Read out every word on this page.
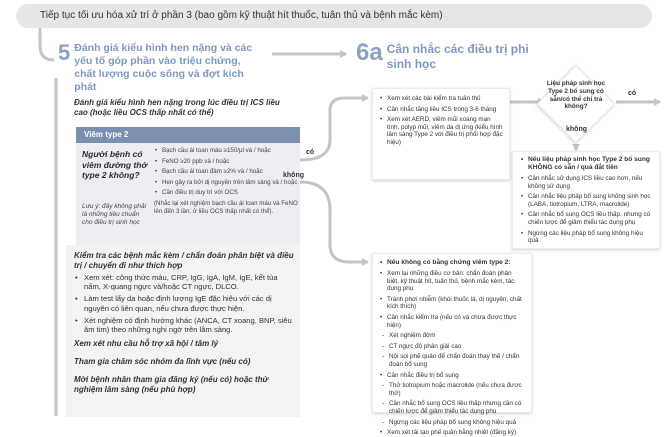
Tiếp tục tối ưu hóa xử trí ở phần 3 (bao gồm kỹ thuật hít thuốc, tuân thủ và bệnh mắc kèm)
5 Đánh giá kiểu hình hen nặng và các yếu tố góp phần vào triệu chứng, chất lượng cuộc sống và đợt kịch phát
Đánh giá kiểu hình hen nặng trong lúc điều trị ICS liều cao (hoặc liều OCS thấp nhất có thể)
Viêm type 2
Người bệnh có viêm đường thở type 2 không?
Lưu ý: đây không phải là những tiêu chuẩn cho điều trị sinh học
• Bạch cầu ái toan máu ≥150/μl và / hoặc
• FeNO ≥20 ppb và / hoặc
• Bạch cầu ái toan đàm ≥2% và / hoặc
• Hen gây ra bởi dị nguyên trên lâm sàng và / hoặc
• Cần điều trị duy trì với OCS
(Nhắc lại xét nghiệm bạch cầu ái toan máu và FeNO lên đến 3 lần, ở liều OCS thấp nhất có thể).
có
không
Kiểm tra các bệnh mắc kèm / chẩn đoán phân biệt và điều trị / chuyển đi như thích hợp
• Xem xét: công thức máu, CRP, IgG, IgA, IgM, IgE, kết tủa nấm, X-quang ngực và/hoặc CT ngực, DLCO.
• Làm test lẩy da hoặc định lượng IgE đặc hiệu với các dị nguyên có liên quan, nếu chưa được thực hiện.
• Xét nghiệm có định hướng khác (ANCA, CT xoang, BNP, siêu âm tim) theo những nghi ngờ trên lâm sàng.
Xem xét nhu cầu hỗ trợ xã hội / tâm lý
Tham gia chăm sóc nhóm đa lĩnh vực (nếu có)
Mời bệnh nhân tham gia đăng ký (nếu có) hoặc thử nghiệm lâm sàng (nếu phù hợp)
6a Cân nhắc các điều trị phi sinh học
• Xem xét các bài kiểm tra tuân thủ
• Cân nhắc tăng liều ICS trong 3-6 tháng
• Xem xét AERD, viêm mũi xoang mạn tính, polyp mũi, viêm da dị ứng (kiểu hình lâm sàng Type 2 với điều trị phối hợp đặc hiệu)
Liệu pháp sinh học Type 2 bổ sung có sẵn/có thể chi trả không?
có
không
• Nếu liệu pháp sinh học Type 2 bổ sung KHÔNG có sẵn / quá đắt tiền
• Cân nhắc sử dụng ICS liều cao hơn, nếu không sử dụng
• Cân nhắc liệu pháp bổ sung không sinh học (LABA, tiotropium, LTRA, macrolide)
• Cân nhắc bổ sung OCS liều thấp, nhưng có chiến lược để giảm thiểu tác dụng phụ
• Ngừng các liệu pháp bổ sung không hiệu quả
• Nếu không có bằng chứng viêm type 2:
• Xem lại những điều cơ bản: chẩn đoán phân biệt, kỹ thuật hít, tuân thủ, bệnh mắc kèm, tác dụng phụ
• Tránh phơi nhiễm (khói thuốc lá, dị nguyên, chất kích thích)
• Cân nhắc kiểm tra (nếu có và chưa được thực hiện)
- Xét nghiệm đờm
- CT ngực độ phân giải cao
- Nội soi phế quản để chẩn đoán thay thế / chẩn đoán bổ sung
• Cân nhắc điều trị bổ sung
- Thử tiotropium hoặc macrolide (nếu chưa được thử)
- Cân nhắc bổ sung OCS liều thấp nhưng cần có chiến lược để giảm thiểu tác dụng phụ
- Ngừng các liệu pháp bổ sung không hiệu quả
• Xem xét tái tạo phế quản bằng nhiệt (đăng ký)
